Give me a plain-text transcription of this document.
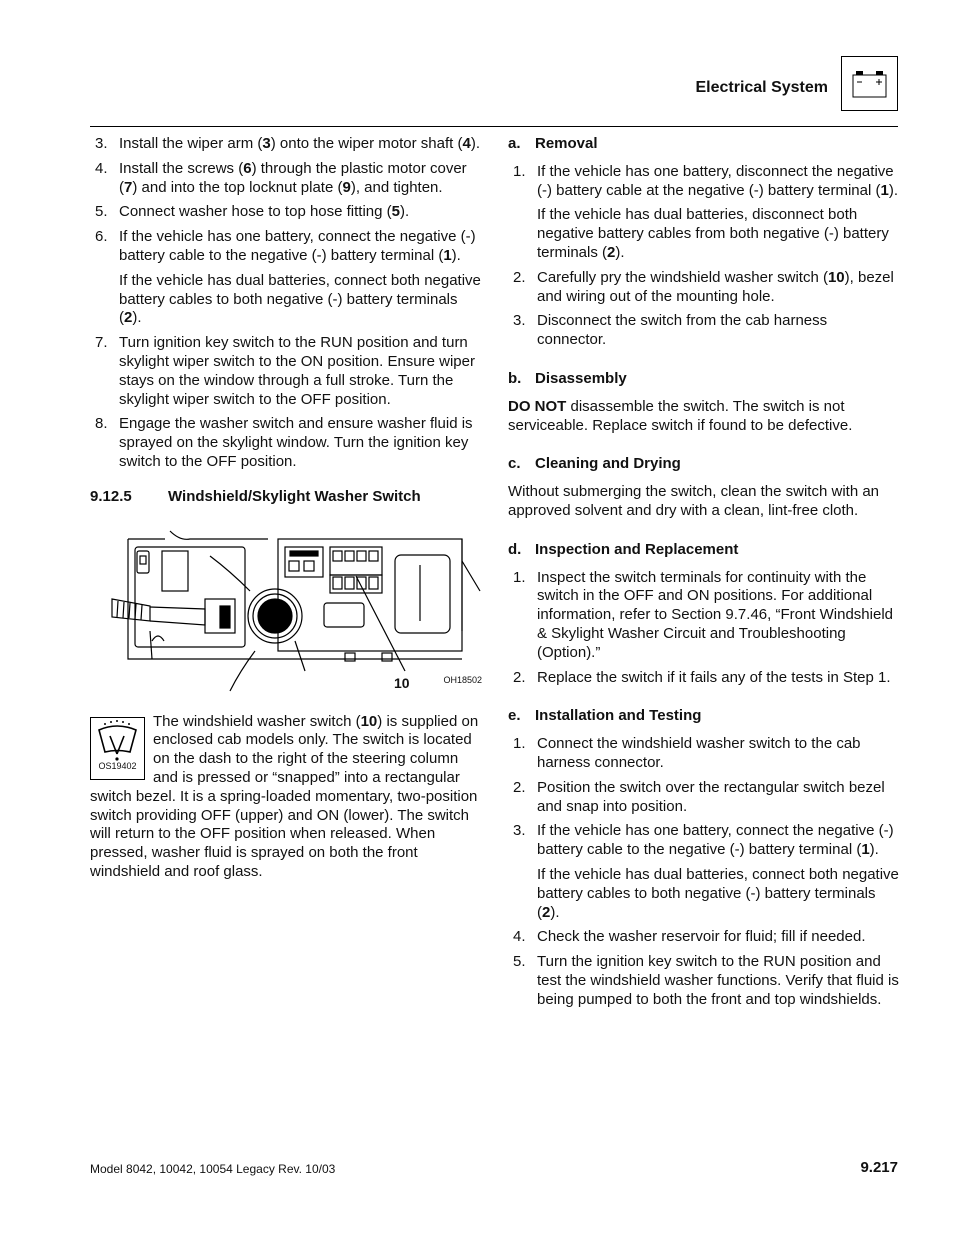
Electrical System
3. Install the wiper arm (3) onto the wiper motor shaft (4).
4. Install the screws (6) through the plastic motor cover (7) and into the top locknut plate (9), and tighten.
5. Connect washer hose to top hose fitting (5).
6. If the vehicle has one battery, connect the negative (-) battery cable to the negative (-) battery terminal (1).
If the vehicle has dual batteries, connect both negative battery cables to both negative (-) battery terminals (2).
7. Turn ignition key switch to the RUN position and turn skylight wiper switch to the ON position. Ensure wiper stays on the window through a full stroke. Turn the skylight wiper switch to the OFF position.
8. Engage the washer switch and ensure washer fluid is sprayed on the skylight window. Turn the ignition key switch to the OFF position.
9.12.5 Windshield/Skylight Washer Switch
10	OH18502
OS19402
The windshield washer switch (10) is supplied on enclosed cab models only. The switch is located on the dash to the right of the steering column and is pressed or “snapped” into a rectangular switch bezel. It is a spring-loaded momentary, two-position switch providing OFF (upper) and ON (lower). The switch will return to the OFF position when released. When pressed, washer fluid is sprayed on both the front windshield and roof glass.
a. Removal
1. If the vehicle has one battery, disconnect the negative (-) battery cable at the negative (-) battery terminal (1).
If the vehicle has dual batteries, disconnect both negative battery cables from both negative (-) battery terminals (2).
2. Carefully pry the windshield washer switch (10), bezel and wiring out of the mounting hole.
3. Disconnect the switch from the cab harness connector.
b. Disassembly

DO NOT disassemble the switch. The switch is not serviceable. Replace switch if found to be defective.

c. Cleaning and Drying

Without submerging the switch, clean the switch with an approved solvent and dry with a clean, lint-free cloth.

d. Inspection and Replacement
1. Inspect the switch terminals for continuity with the switch in the OFF and ON positions. For additional information, refer to Section 9.7.46, “Front Windshield & Skylight Washer Circuit and Troubleshooting (Option).”
2. Replace the switch if it fails any of the tests in Step 1.
e. Installation and Testing
1. Connect the windshield washer switch to the cab harness connector.
2. Position the switch over the rectangular switch bezel and snap into position.
3. If the vehicle has one battery, connect the negative (-) battery cable to the negative (-) battery terminal (1).
If the vehicle has dual batteries, connect both negative battery cables to both negative (-) battery terminals (2).
4. Check the washer reservoir for fluid; fill if needed.
5. Turn the ignition key switch to the RUN position and test the windshield washer functions. Verify that fluid is being pumped to both the front and top windshields.
Model 8042, 10042, 10054 Legacy Rev. 10/03	9.217
